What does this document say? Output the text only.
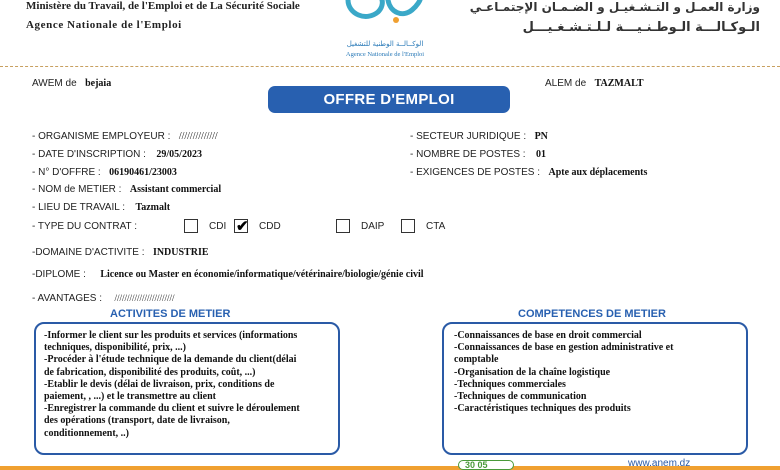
Ministère du Travail, de l'Emploi et de La Sécurité Sociale
Agence Nationale de l'Emploi
الوكــالــة الوطنية للتشغيل
Agence Nationale de l'Emploi
وزارة العمـل و التـشـغيـل و الضـمـان الإجتمـاعـي
الـوكـالـــة الـوطـنـيـــة لـلـتـشـغـيـــل
AWEM de bejaia	ALEM de TAZMALT
OFFRE D'EMPLOI
- ORGANISME EMPLOYEUR : //////////////
- DATE D'INSCRIPTION : 29/05/2023
- N° D'OFFRE : 06190461/23003
- NOM de METIER : Assistant commercial
- LIEU DE TRAVAIL : Tazmalt
- SECTEUR JURIDIQUE : PN
- NOMBRE DE POSTES : 01
- EXIGENCES DE POSTES : Apte aux déplacements
- TYPE DU CONTRAT :	CDI ✔ CDD	DAIP	CTA
-DOMAINE D'ACTIVITE : INDUSTRIE
-DIPLOME : Licence ou Master en économie/informatique/vétérinaire/biologie/génie civil
- AVANTAGES : ////////////////////////
ACTIVITES DE METIER	COMPETENCES DE METIER
-Informer le client sur les produits et services (informations
techniques, disponibilité, prix, ...)
-Procéder à l'étude technique de la demande du client(délai
de fabrication, disponibilité des produits, coût, ...)
-Etablir le devis (délai de livraison, prix, conditions de
paiement, , ...) et le transmettre au client
-Enregistrer la commande du client et suivre le déroulement
des opérations (transport, date de livraison,
conditionnement, ..)
-Connaissances de base en droit commercial
-Connaissances de base en gestion administrative et
comptable
-Organisation de la chaîne logistique
-Techniques commerciales
-Techniques de communication
-Caractéristiques techniques des produits
30 05	www.anem.dz
